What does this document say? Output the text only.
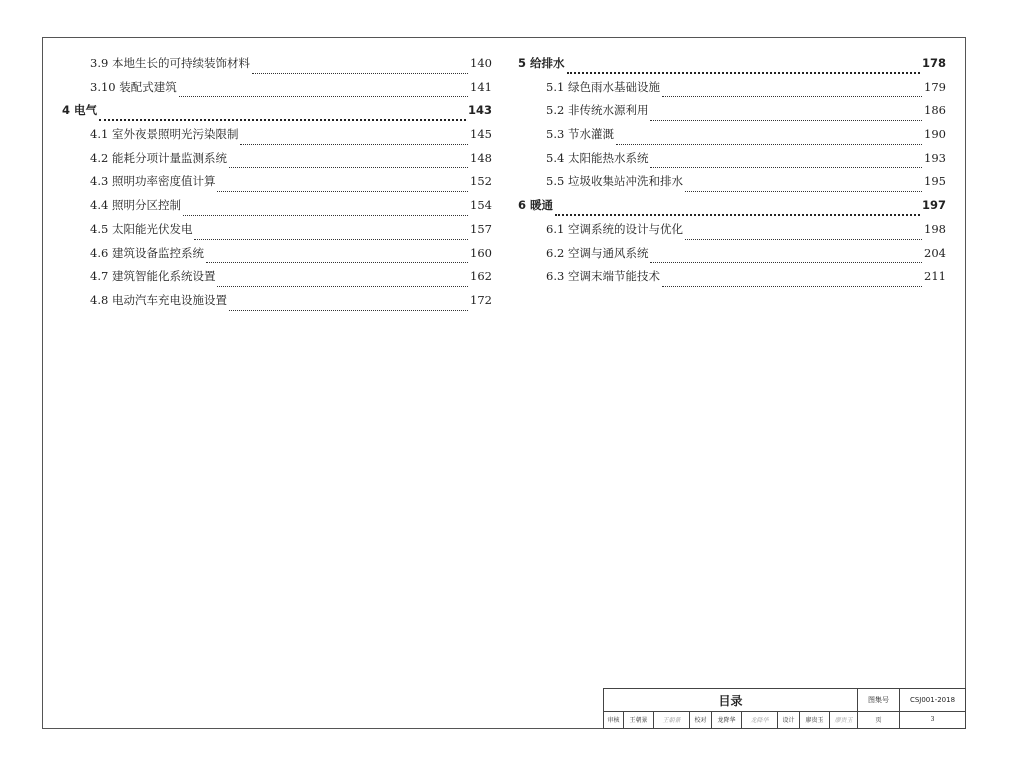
3.9 本地生长的可持续装饰材料	140
3.10 装配式建筑	141
4 电气	143
4.1 室外夜景照明光污染限制	145
4.2 能耗分项计量监测系统	148
4.3 照明功率密度值计算	152
4.4 照明分区控制	154
4.5 太阳能光伏发电	157
4.6 建筑设备监控系统	160
4.7 建筑智能化系统设置	162
4.8 电动汽车充电设施设置	172
5 给排水	178
5.1 绿色雨水基础设施	179
5.2 非传统水源利用	186
5.3 节水灌溉	190
5.4 太阳能热水系统	193
5.5 垃圾收集站冲洗和排水	195
6 暖通	197
6.1 空调系统的设计与优化	198
6.2 空调与通风系统	204
6.3 空调末端节能技术	211
目录	图集号	CSJ001-2018
审核 王朝景 王朝景 校对 龙降华 龙降华 设计 廖贵玉 廖贵玉	页	3
